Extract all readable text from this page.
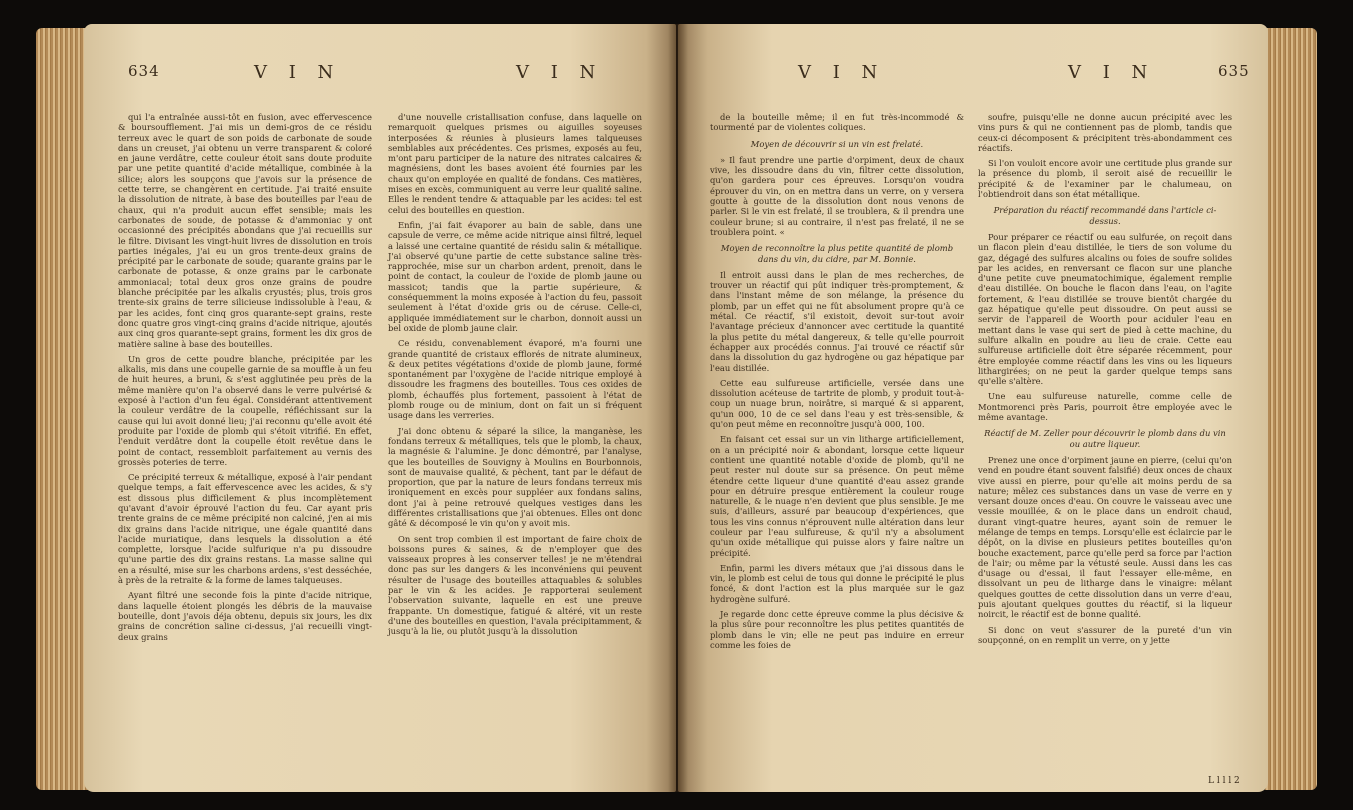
634	V I N	V I N

qui l'a entraînée aussi-tôt en fusion, avec effervescence & boursoufflement. J'ai mis un demi-gros de ce résidu terreux avec le quart de son poids de carbonate de soude dans un creuset, j'ai obtenu un verre transparent & coloré en jaune verdâtre, cette couleur étoit sans doute produite par une petite quantité d'acide métallique, combinée à la silice; alors les soupçons que j'avois sur la présence de cette terre, se changèrent en certitude. J'ai traité ensuite la dissolution de nitrate, à base des bouteilles par l'eau de chaux, qui n'a produit aucun effet sensible; mais les carbonates de soude, de potasse & d'ammoniac y ont occasionné des précipités abondans que j'ai recueillis sur le filtre. Divisant les vingt-huit livres de dissolution en trois parties inégales, j'ai eu un gros trente-deux grains de précipité par le carbonate de soude; quarante grains par le carbonate de potasse, & onze grains par le carbonate ammoniacal; total deux gros onze grains de poudre blanche précipitée par les alkalis cryustés; plus, trois gros trente-six grains de terre silicieuse indissoluble à l'eau, & par les acides, font cinq gros quarante-sept grains, reste donc quatre gros vingt-cinq grains d'acide nitrique, ajoutés aux cinq gros quarante-sept grains, forment les dix gros de matière saline à base des bouteilles.

Un gros de cette poudre blanche, précipitée par les alkalis, mis dans une coupelle garnie de sa mouffle à un feu de huit heures, a bruni, & s'est agglutinée peu près de la même manière qu'on l'a observé dans le verre pulvérisé & exposé à l'action d'un feu égal. Considérant attentivement la couleur verdâtre de la coupelle, réfléchissant sur la cause qui lui avoit donné lieu; j'ai reconnu qu'elle avoit été produite par l'oxide de plomb qui s'étoit vitrifié. En effet, l'enduit verdâtre dont la coupelle étoit revêtue dans le point de contact, ressembloit parfaitement au vernis des grossès poteries de terre.

Ce précipité terreux & métallique, exposé à l'air pendant quelque temps, a fait effervescence avec les acides, & s'y est dissous plus difficilement & plus incomplètement qu'avant d'avoir éprouvé l'action du feu. Car ayant pris trente grains de ce même précipité non calciné, j'en ai mis dix grains dans l'acide nitrique, une égale quantité dans l'acide muriatique, dans lesquels la dissolution a été complette, lorsque l'acide sulfurique n'a pu dissoudre qu'une partie des dix grains restans. La masse saline qui en a résulté, mise sur les charbons ardens, s'est desséchée, à près de la retraite & la forme de lames talqueuses.

Ayant filtré une seconde fois la pinte d'acide nitrique, dans laquelle étoient plongés les débris de la mauvaise bouteille, dont j'avois déja obtenu, depuis six jours, les dix grains de concrétion saline ci-dessus, j'ai recueilli vingt-deux grains

d'une nouvelle cristallisation confuse, dans laquelle on remarquoit quelques prismes ou aiguilles soyeuses interposées & réunies à plusieurs lames talqueuses semblables aux précédentes. Ces prismes, exposés au feu, m'ont paru participer de la nature des nitrates calcaires & magnésiens, dont les bases avoient été fournies par les chaux qu'on employée en qualité de fondans. Ces matières, mises en excès, communiquent au verre leur qualité saline. Elles le rendent tendre & attaquable par les acides: tel est celui des bouteilles en question.

Enfin, j'ai fait évaporer au bain de sable, dans une capsule de verre, ce même acide nitrique ainsi filtré, lequel a laissé une certaine quantité de résidu salin & métallique. J'ai observé qu'une partie de cette substance saline très-rapprochée, mise sur un charbon ardent, prenoit, dans le point de contact, la couleur de l'oxide de plomb jaune ou massicot; tandis que la partie supérieure, & conséquemment la moins exposée à l'action du feu, passoit seulement à l'état d'oxide gris ou de céruse. Celle-ci, appliquée immédiatement sur le charbon, donnoit aussi un bel oxide de plomb jaune clair.

Ce résidu, convenablement évaporé, m'a fourni une grande quantité de cristaux efflorés de nitrate alumineux, & deux petites végétations d'oxide de plomb jaune, formé spontanément par l'oxygène de l'acide nitrique employé à dissoudre les fragmens des bouteilles. Tous ces oxides de plomb, échauffés plus fortement, passoient à l'état de plomb rouge ou de minium, dont on fait un si fréquent usage dans les verreries.

J'ai donc obtenu & séparé la silice, la manganèse, les fondans terreux & métalliques, tels que le plomb, la chaux, la magnésie & l'alumine. Je donc démontré, par l'analyse, que les bouteilles de Souvigny à Moulins en Bourbonnois, sont de mauvaise qualité, & pèchent, tant par le défaut de proportion, que par la nature de leurs fondans terreux mis ironiquement en excès pour suppléer aux fondans salins, dont j'ai à peine retrouvé quelques vestiges dans les différentes cristallisations que j'ai obtenues. Elles ont donc gâté & décomposé le vin qu'on y avoit mis.

On sent trop combien il est important de faire choix de boissons pures & saines, & de n'employer que des vaisseaux propres à les conserver telles! je ne m'étendrai donc pas sur les dangers & les inconvéniens qui peuvent résulter de l'usage des bouteilles attaquables & solubles par le vin & les acides. Je rapporterai seulement l'observation suivante, laquelle en est une preuve frappante. Un domestique, fatigué & altéré, vit un reste d'une des bouteilles en question, l'avala précipitamment, & jusqu'à la lie, ou plutôt jusqu'à la dissolution

V I N	V I N	635

de la bouteille même; il en fut très-incommodé & tourmenté par de violentes coliques.

Moyen de découvrir si un vin est frelaté.

» Il faut prendre une partie d'orpiment, deux de chaux vive, les dissoudre dans du vin, filtrer cette dissolution, qu'on gardera pour ces épreuves. Lorsqu'on voudra éprouver du vin, on en mettra dans un verre, on y versera goutte à goutte de la dissolution dont nous venons de parler. Si le vin est frelaté, il se troublera, & il prendra une couleur brune; si au contraire, il n'est pas frelaté, il ne se troublera point. «

Moyen de reconnoître la plus petite quantité de plomb dans du vin, du cidre, par M. Bonnie.

Il entroit aussi dans le plan de mes recherches, de trouver un réactif qui pût indiquer très-promptement, & dans l'instant même de son mélange, la présence du plomb, par un effet qui ne fût absolument propre qu'à ce métal. Ce réactif, s'il existoit, devoit sur-tout avoir l'avantage précieux d'annoncer avec certitude la quantité la plus petite du métal dangereux, & telle qu'elle pourroit échapper aux procédés connus. J'ai trouvé ce réactif sûr dans la dissolution du gaz hydrogène ou gaz hépatique par l'eau distillée.

Cette eau sulfureuse artificielle, versée dans une dissolution acéteuse de tartrite de plomb, y produit tout-à-coup un nuage brun, noirâtre, si marqué & si apparent, qu'un 000, 10 de ce sel dans l'eau y est très-sensible, & qu'on peut même en reconnoître jusqu'à 000, 100.

En faisant cet essai sur un vin litharge artificiellement, on a un précipité noir & abondant, lorsque cette liqueur contient une quantité notable d'oxide de plomb, qu'il ne peut rester nul doute sur sa présence. On peut même étendre cette liqueur d'une quantité d'eau assez grande pour en détruire presque entièrement la couleur rouge naturelle, & le nuage n'en devient que plus sensible. Je me suis, d'ailleurs, assuré par beaucoup d'expériences, que tous les vins connus n'éprouvent nulle altération dans leur couleur par l'eau sulfureuse, & qu'il n'y a absolument qu'un oxide métallique qui puisse alors y faire naître un précipité.

Enfin, parmi les divers métaux que j'ai dissous dans le vin, le plomb est celui de tous qui donne le précipité le plus foncé, & dont l'action est la plus marquée sur le gaz hydrogène sulfuré.

Je regarde donc cette épreuve comme la plus décisive & la plus sûre pour reconnoître les plus petites quantités de plomb dans le vin; elle ne peut pas induire en erreur comme les foies de

soufre, puisqu'elle ne donne aucun précipité avec les vins purs & qui ne contiennent pas de plomb, tandis que ceux-ci décomposent & précipitent très-abondamment ces réactifs.

Si l'on vouloit encore avoir une certitude plus grande sur la présence du plomb, il seroit aisé de recueillir le précipité & de l'examiner par le chalumeau, on l'obtiendroit dans son état métallique.

Préparation du réactif recommandé dans l'article ci-dessus.

Pour préparer ce réactif ou eau sulfurée, on reçoit dans un flacon plein d'eau distillée, le tiers de son volume du gaz, dégagé des sulfures alcalins ou foies de soufre solides par les acides, en renversant ce flacon sur une planche d'une petite cuve pneumatochimique, également remplie d'eau distillée. On bouche le flacon dans l'eau, on l'agite fortement, & l'eau distillée se trouve bientôt chargée du gaz hépatique qu'elle peut dissoudre. On peut aussi se servir de l'appareil de Woorth pour aciduler l'eau en mettant dans le vase qui sert de pied à cette machine, du sulfure alkalin en poudre au lieu de craie. Cette eau sulfureuse artificielle doit être séparée récemment, pour être employée comme réactif dans les vins ou les liqueurs lithargirées; on ne peut la garder quelque temps sans qu'elle s'altère.

Une eau sulfureuse naturelle, comme celle de Montmorenci près Paris, pourroit être employée avec le même avantage.

Réactif de M. Zeller pour découvrir le plomb dans du vin ou autre liqueur.

Prenez une once d'orpiment jaune en pierre, (celui qu'on vend en poudre étant souvent falsifié) deux onces de chaux vive aussi en pierre, pour qu'elle ait moins perdu de sa nature; mêlez ces substances dans un vase de verre en y versant douze onces d'eau. On couvre le vaisseau avec une vessie mouillée, & on le place dans un endroit chaud, durant vingt-quatre heures, ayant soin de remuer le mélange de temps en temps. Lorsqu'elle est éclaircie par le dépôt, on la divise en plusieurs petites bouteilles qu'on bouche exactement, parce qu'elle perd sa force par l'action de l'air; ou même par la vétusté seule. Aussi dans les cas d'usage ou d'essai, il faut l'essayer elle-même, en dissolvant un peu de litharge dans le vinaigre: mêlant quelques gouttes de cette dissolution dans un verre d'eau, puis ajoutant quelques gouttes du réactif, si la liqueur noircit, le réactif est de bonne qualité.

Si donc on veut s'assurer de la pureté d'un vin soupçonné, on en remplit un verre, on y jette

L l l l 2
